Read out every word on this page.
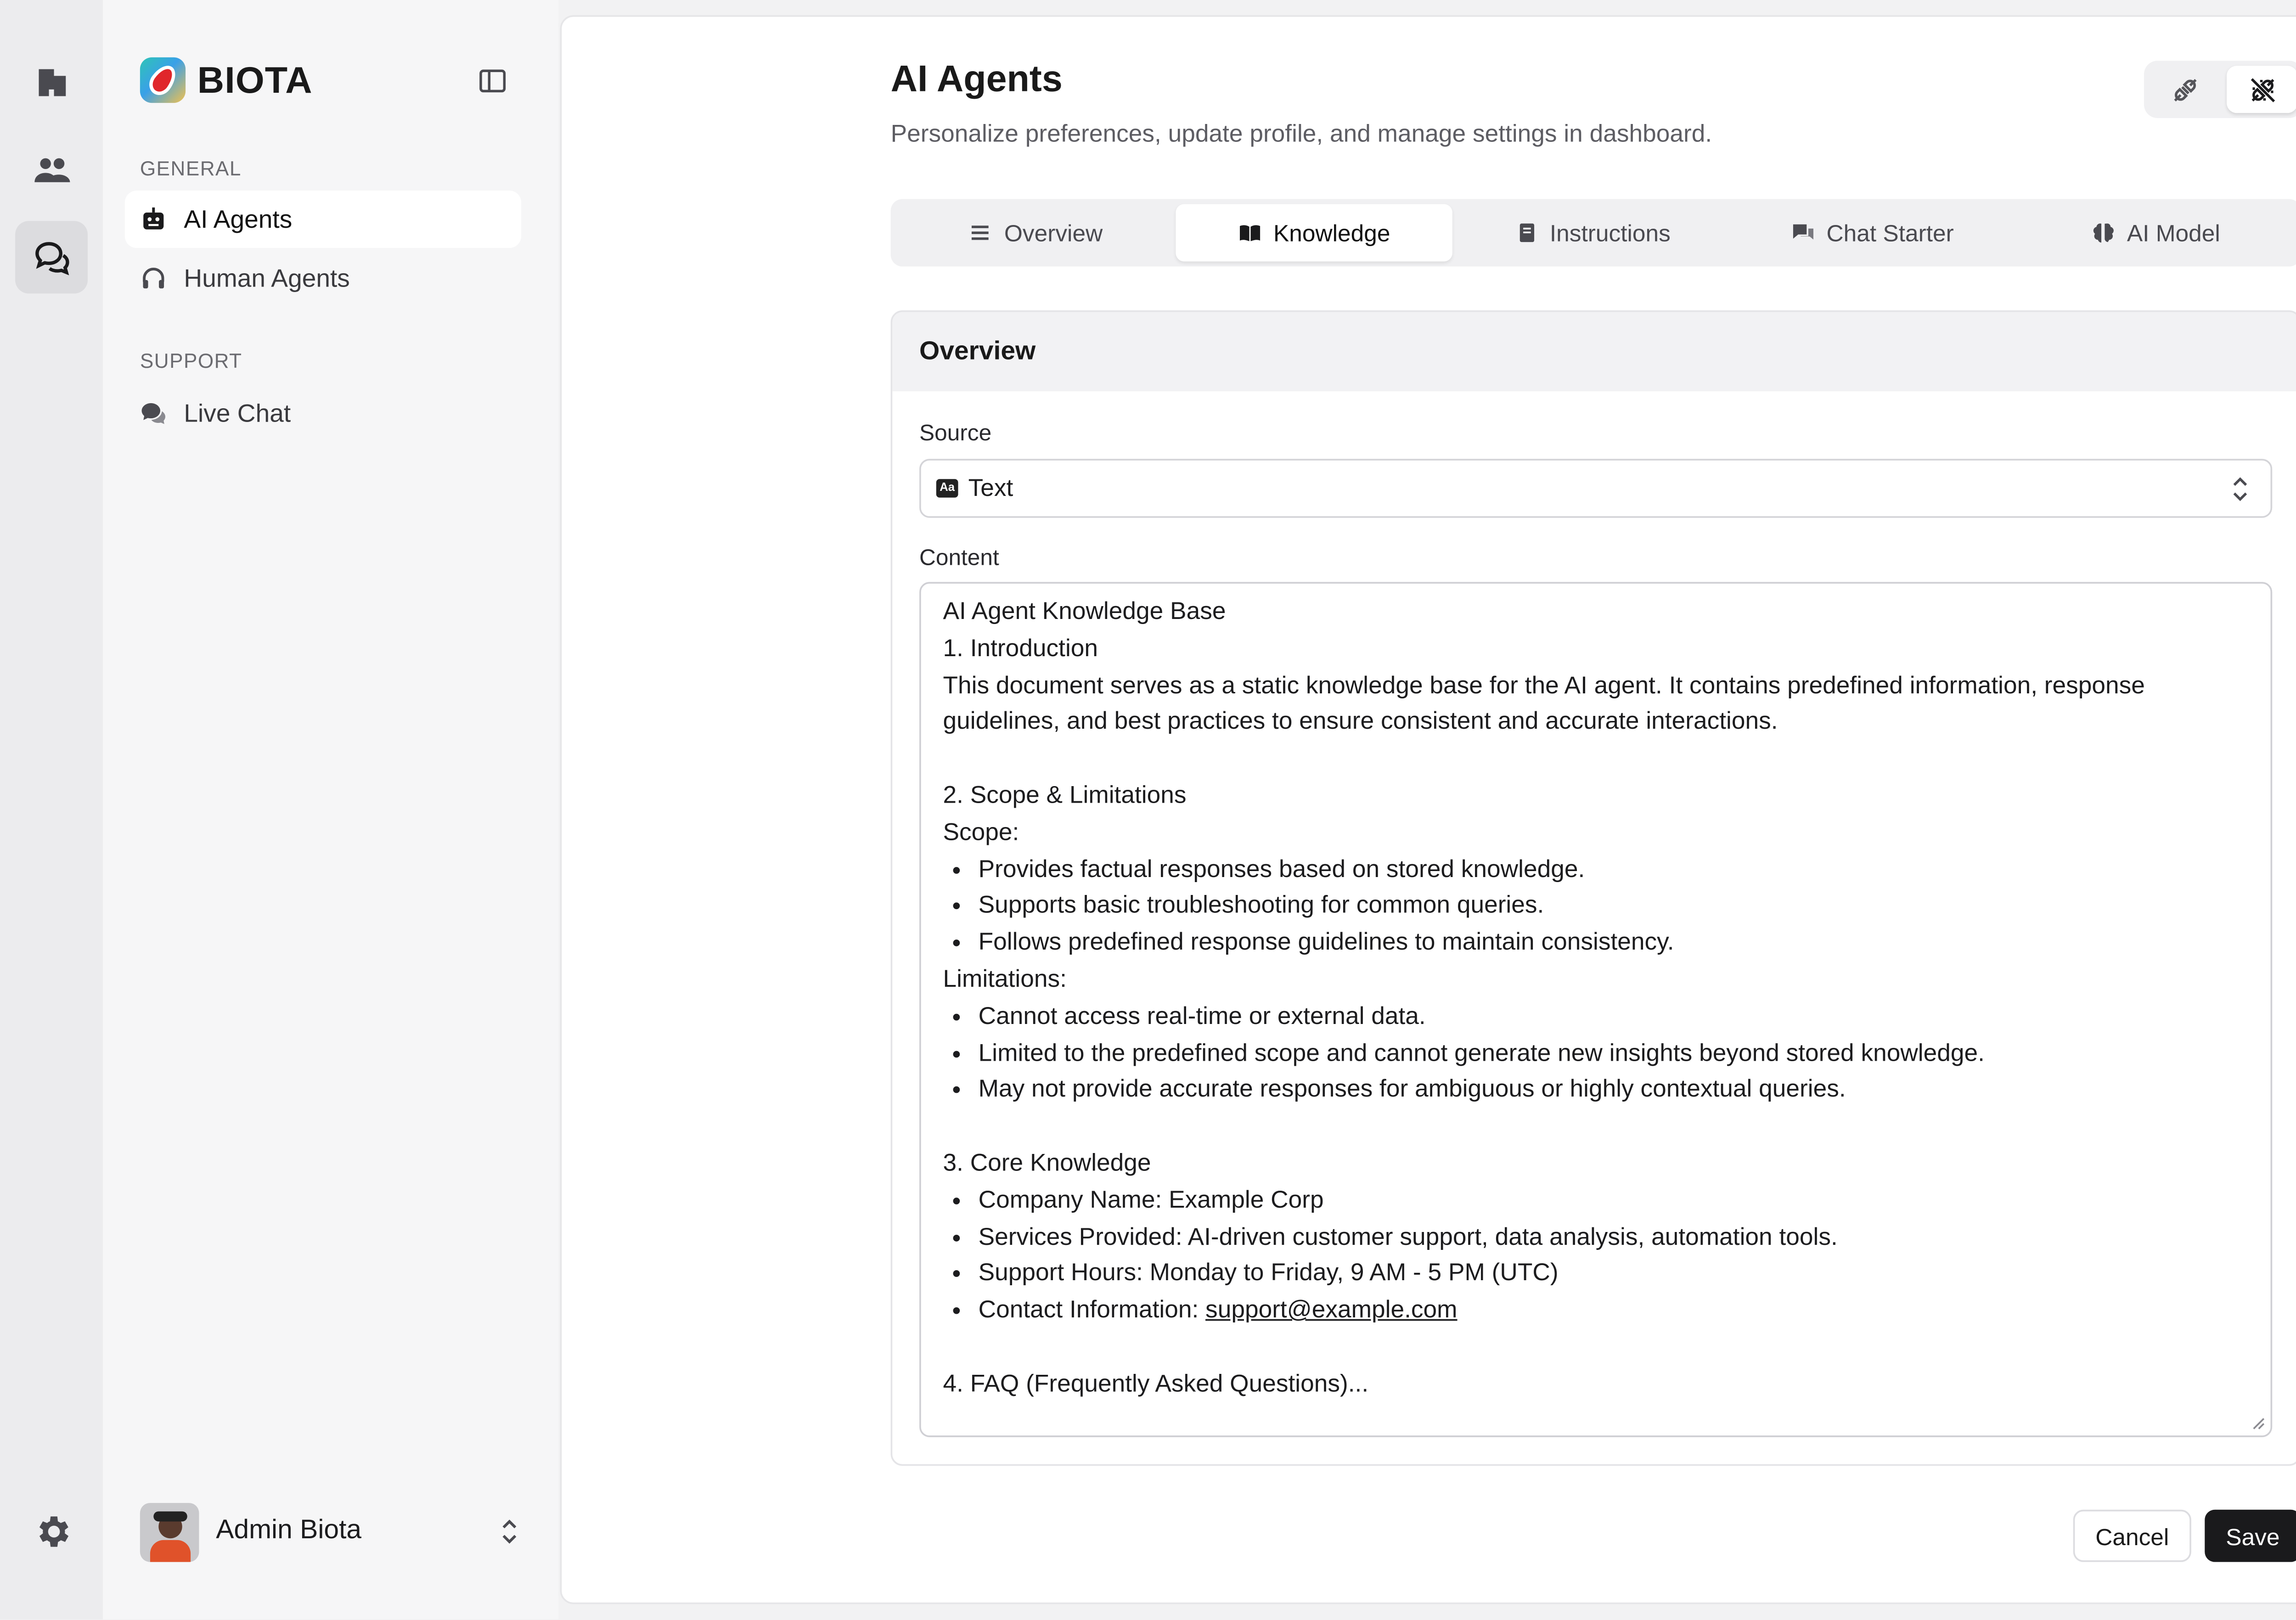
BIOTA
GENERAL
AI Agents
Human Agents
SUPPORT
Live Chat
Admin Biota
AI Agents
Personalize preferences, update profile, and manage settings in dashboard.
Overview	Knowledge	Instructions	Chat Starter	AI Model
Overview
Source
Aa	Text
Content
AI Agent Knowledge Base
1. Introduction
This document serves as a static knowledge base for the AI agent. It contains predefined information, response guidelines, and best practices to ensure consistent and accurate interactions.
2. Scope & Limitations
Scope:
• Provides factual responses based on stored knowledge.
• Supports basic troubleshooting for common queries.
• Follows predefined response guidelines to maintain consistency.
Limitations:
• Cannot access real-time or external data.
• Limited to the predefined scope and cannot generate new insights beyond stored knowledge.
• May not provide accurate responses for ambiguous or highly contextual queries.
3. Core Knowledge
• Company Name: Example Corp
• Services Provided: AI-driven customer support, data analysis, automation tools.
• Support Hours: Monday to Friday, 9 AM - 5 PM (UTC)
• Contact Information: support@example.com
4. FAQ (Frequently Asked Questions)...
Cancel	Save
